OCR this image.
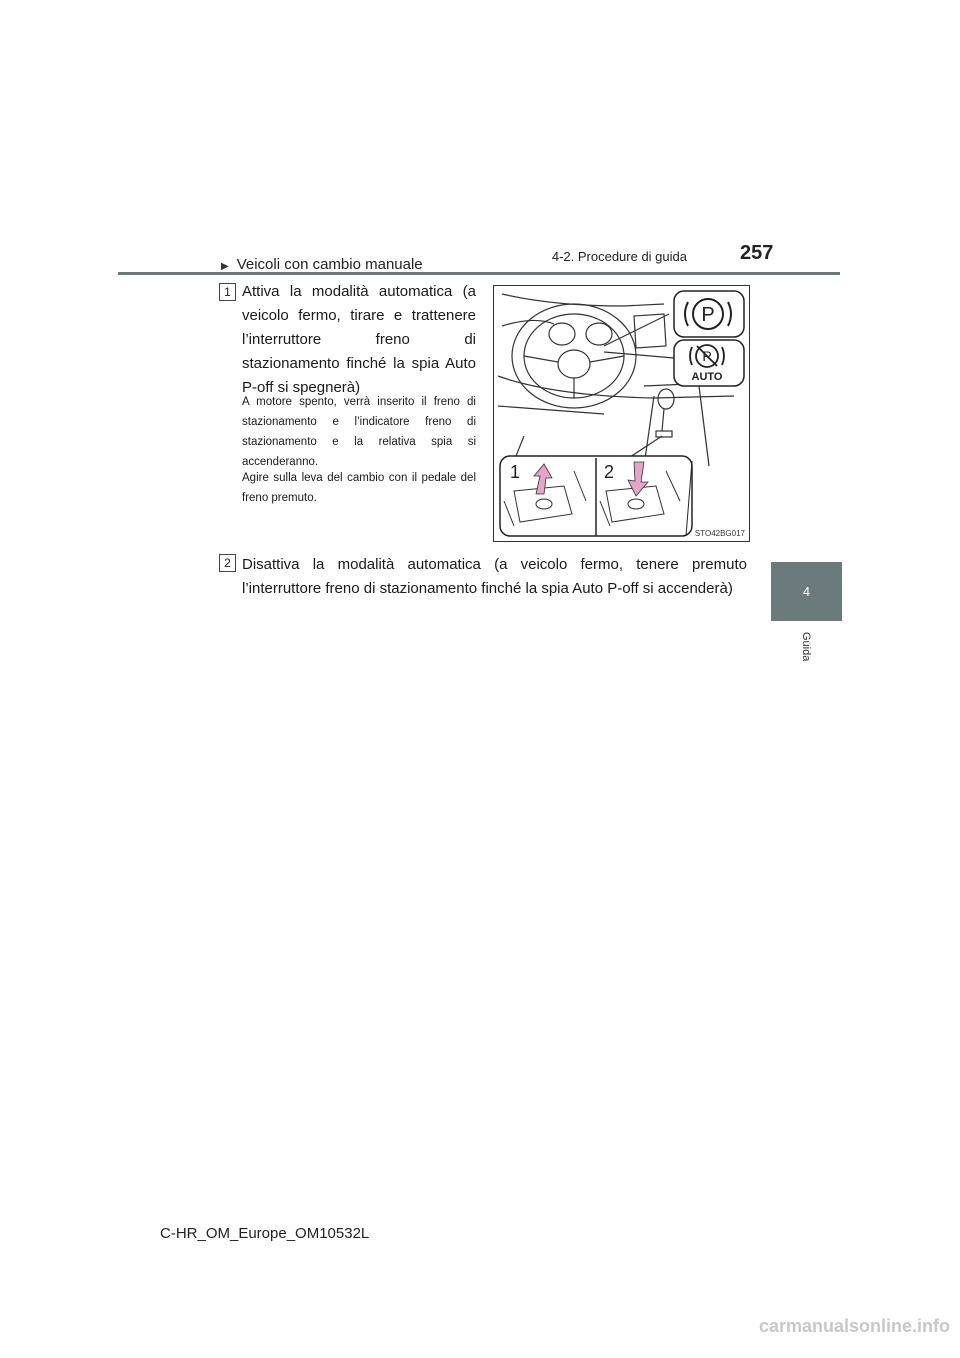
4-2. Procedure di guida	257
4
Guida
▶ Veicoli con cambio manuale
1 Attiva la modalità automatica (a veicolo fermo, tirare e trattenere l’interruttore freno di stazionamento finché la spia Auto P-off si spegnerà)
A motore spento, verrà inserito il freno di stazionamento e l’indicatore freno di stazionamento e la relativa spia si accenderanno.
Agire sulla leva del cambio con il pedale del freno premuto.
P
P
AUTO
1	2
STO42BG017
2 Disattiva la modalità automatica (a veicolo fermo, tenere premuto l’interruttore freno di stazionamento finché la spia Auto P-off si accenderà)
C-HR_OM_Europe_OM10532L
carmanualsonline.info
